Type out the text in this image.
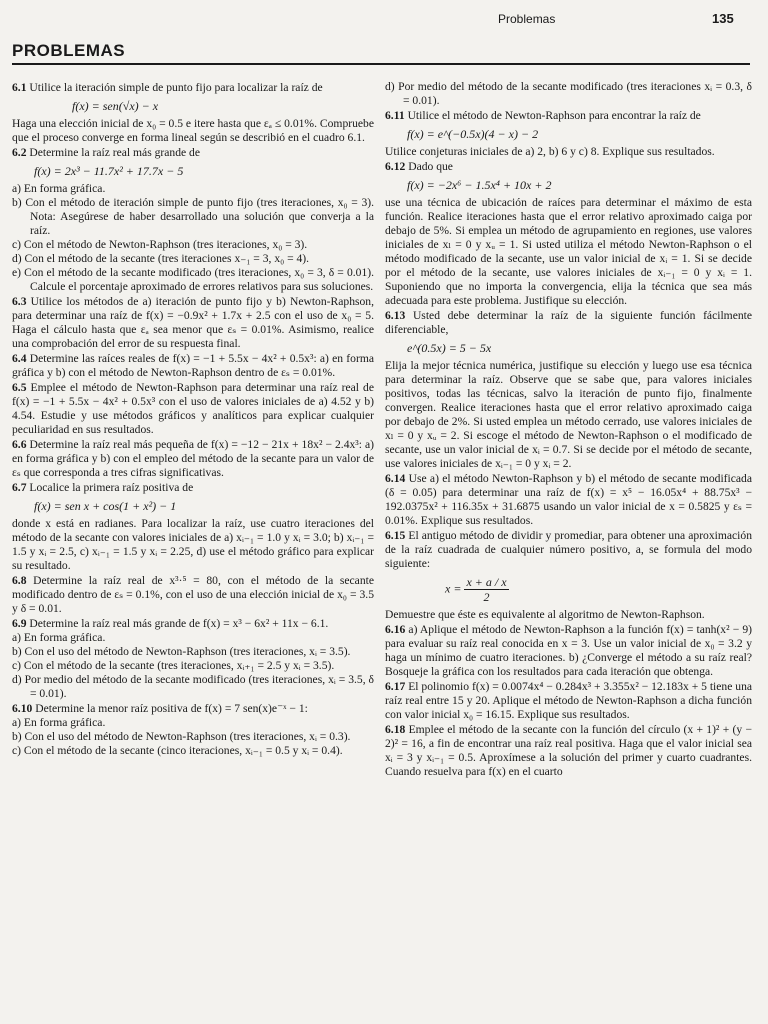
Problemas	135
PROBLEMAS

6.1 Utilice la iteración simple de punto fijo para localizar la raíz de

f(x) = sen(√x) − x

Haga una elección inicial de x₀ = 0.5 e itere hasta que εₐ ≤ 0.01%. Compruebe que el proceso converge en forma lineal según se describió en el cuadro 6.1.

6.2 Determine la raíz real más grande de

f(x) = 2x³ − 11.7x² + 17.7x − 5

a) En forma gráfica.

b) Con el método de iteración simple de punto fijo (tres iteraciones, x₀ = 3). Nota: Asegúrese de haber desarrollado una solución que converja a la raíz.

c) Con el método de Newton-Raphson (tres iteraciones, x₀ = 3).

d) Con el método de la secante (tres iteraciones x₋₁ = 3, x₀ = 4).

e) Con el método de la secante modificado (tres iteraciones, x₀ = 3, δ = 0.01). Calcule el porcentaje aproximado de errores relativos para sus soluciones.

6.3 Utilice los métodos de a) iteración de punto fijo y b) Newton-Raphson, para determinar una raíz de f(x) = −0.9x² + 1.7x + 2.5 con el uso de x₀ = 5. Haga el cálculo hasta que εₐ sea menor que εₛ = 0.01%. Asimismo, realice una comprobación del error de su respuesta final.

6.4 Determine las raíces reales de f(x) = −1 + 5.5x − 4x² + 0.5x³: a) en forma gráfica y b) con el método de Newton-Raphson dentro de εₛ = 0.01%.

6.5 Emplee el método de Newton-Raphson para determinar una raíz real de f(x) = −1 + 5.5x − 4x² + 0.5x³ con el uso de valores iniciales de a) 4.52 y b) 4.54. Estudie y use métodos gráficos y analíticos para explicar cualquier peculiaridad en sus resultados.

6.6 Determine la raíz real más pequeña de f(x) = −12 − 21x + 18x² − 2.4x³: a) en forma gráfica y b) con el empleo del método de la secante para un valor de εₛ que corresponda a tres cifras significativas.

6.7 Localice la primera raíz positiva de

f(x) = sen x + cos(1 + x²) − 1

donde x está en radianes. Para localizar la raíz, use cuatro iteraciones del método de la secante con valores iniciales de a) xᵢ₋₁ = 1.0 y xᵢ = 3.0; b) xᵢ₋₁ = 1.5 y xᵢ = 2.5, c) xᵢ₋₁ = 1.5 y xᵢ = 2.25, d) use el método gráfico para explicar su resultado.

6.8 Determine la raíz real de x³·⁵ = 80, con el método de la secante modificado dentro de εₛ = 0.1%, con el uso de una elección inicial de x₀ = 3.5 y δ = 0.01.

6.9 Determine la raíz real más grande de f(x) = x³ − 6x² + 11x − 6.1.

a) En forma gráfica.

b) Con el uso del método de Newton-Raphson (tres iteraciones, xᵢ = 3.5).

c) Con el método de la secante (tres iteraciones, xᵢ₊₁ = 2.5 y xᵢ = 3.5).

d) Por medio del método de la secante modificado (tres iteraciones, xᵢ = 3.5, δ = 0.01).

6.10 Determine la menor raíz positiva de f(x) = 7 sen(x)e⁻ˣ − 1:

a) En forma gráfica.

b) Con el uso del método de Newton-Raphson (tres iteraciones, xᵢ = 0.3).

c) Con el método de la secante (cinco iteraciones, xᵢ₋₁ = 0.5 y xᵢ = 0.4).

d) Por medio del método de la secante modificado (tres iteraciones xᵢ = 0.3, δ = 0.01).

6.11 Utilice el método de Newton-Raphson para encontrar la raíz de

f(x) = e^(−0.5x)(4 − x) − 2

Utilice conjeturas iniciales de a) 2, b) 6 y c) 8. Explique sus resultados.

6.12 Dado que

f(x) = −2x⁶ − 1.5x⁴ + 10x + 2

use una técnica de ubicación de raíces para determinar el máximo de esta función. Realice iteraciones hasta que el error relativo aproximado caiga por debajo de 5%. Si emplea un método de agrupamiento en regiones, use valores iniciales de xₗ = 0 y xᵤ = 1. Si usted utiliza el método Newton-Raphson o el método modificado de la secante, use un valor inicial de xᵢ = 1. Si se decide por el método de la secante, use valores iniciales de xᵢ₋₁ = 0 y xᵢ = 1. Suponiendo que no importa la convergencia, elija la técnica que sea más adecuada para este problema. Justifique su elección.

6.13 Usted debe determinar la raíz de la siguiente función fácilmente diferenciable,

e^(0.5x) = 5 − 5x

Elija la mejor técnica numérica, justifique su elección y luego use esa técnica para determinar la raíz. Observe que se sabe que, para valores iniciales positivos, todas las técnicas, salvo la iteración de punto fijo, finalmente convergen. Realice iteraciones hasta que el error relativo aproximado caiga por debajo de 2%. Si usted emplea un método cerrado, use valores iniciales de xₗ = 0 y xᵤ = 2. Si escoge el método de Newton-Raphson o el modificado de secante, use un valor inicial de xᵢ = 0.7. Si se decide por el método de secante, use valores iniciales de xᵢ₋₁ = 0 y xᵢ = 2.

6.14 Use a) el método Newton-Raphson y b) el método de secante modificada (δ = 0.05) para determinar una raíz de f(x) = x⁵ − 16.05x⁴ + 88.75x³ − 192.0375x² + 116.35x + 31.6875 usando un valor inicial de x = 0.5825 y εₛ = 0.01%. Explique sus resultados.

6.15 El antiguo método de dividir y promediar, para obtener una aproximación de la raíz cuadrada de cualquier número positivo, a, se formula del modo siguiente:

$x = \frac{x + a / x}{2}$

Demuestre que éste es equivalente al algoritmo de Newton-Raphson.

6.16 a) Aplique el método de Newton-Raphson a la función f(x) = tanh(x² − 9) para evaluar su raíz real conocida en x = 3. Use un valor inicial de x₀ = 3.2 y haga un mínimo de cuatro iteraciones. b) ¿Converge el método a su raíz real? Bosqueje la gráfica con los resultados para cada iteración que obtenga.

6.17 El polinomio f(x) = 0.0074x⁴ − 0.284x³ + 3.355x² − 12.183x + 5 tiene una raíz real entre 15 y 20. Aplique el método de Newton-Raphson a dicha función con valor inicial x₀ = 16.15. Explique sus resultados.

6.18 Emplee el método de la secante con la función del círculo (x + 1)² + (y − 2)² = 16, a fin de encontrar una raíz real positiva. Haga que el valor inicial sea xᵢ = 3 y xᵢ₋₁ = 0.5. Aproxímese a la solución del primer y cuarto cuadrantes. Cuando resuelva para f(x) en el cuarto
